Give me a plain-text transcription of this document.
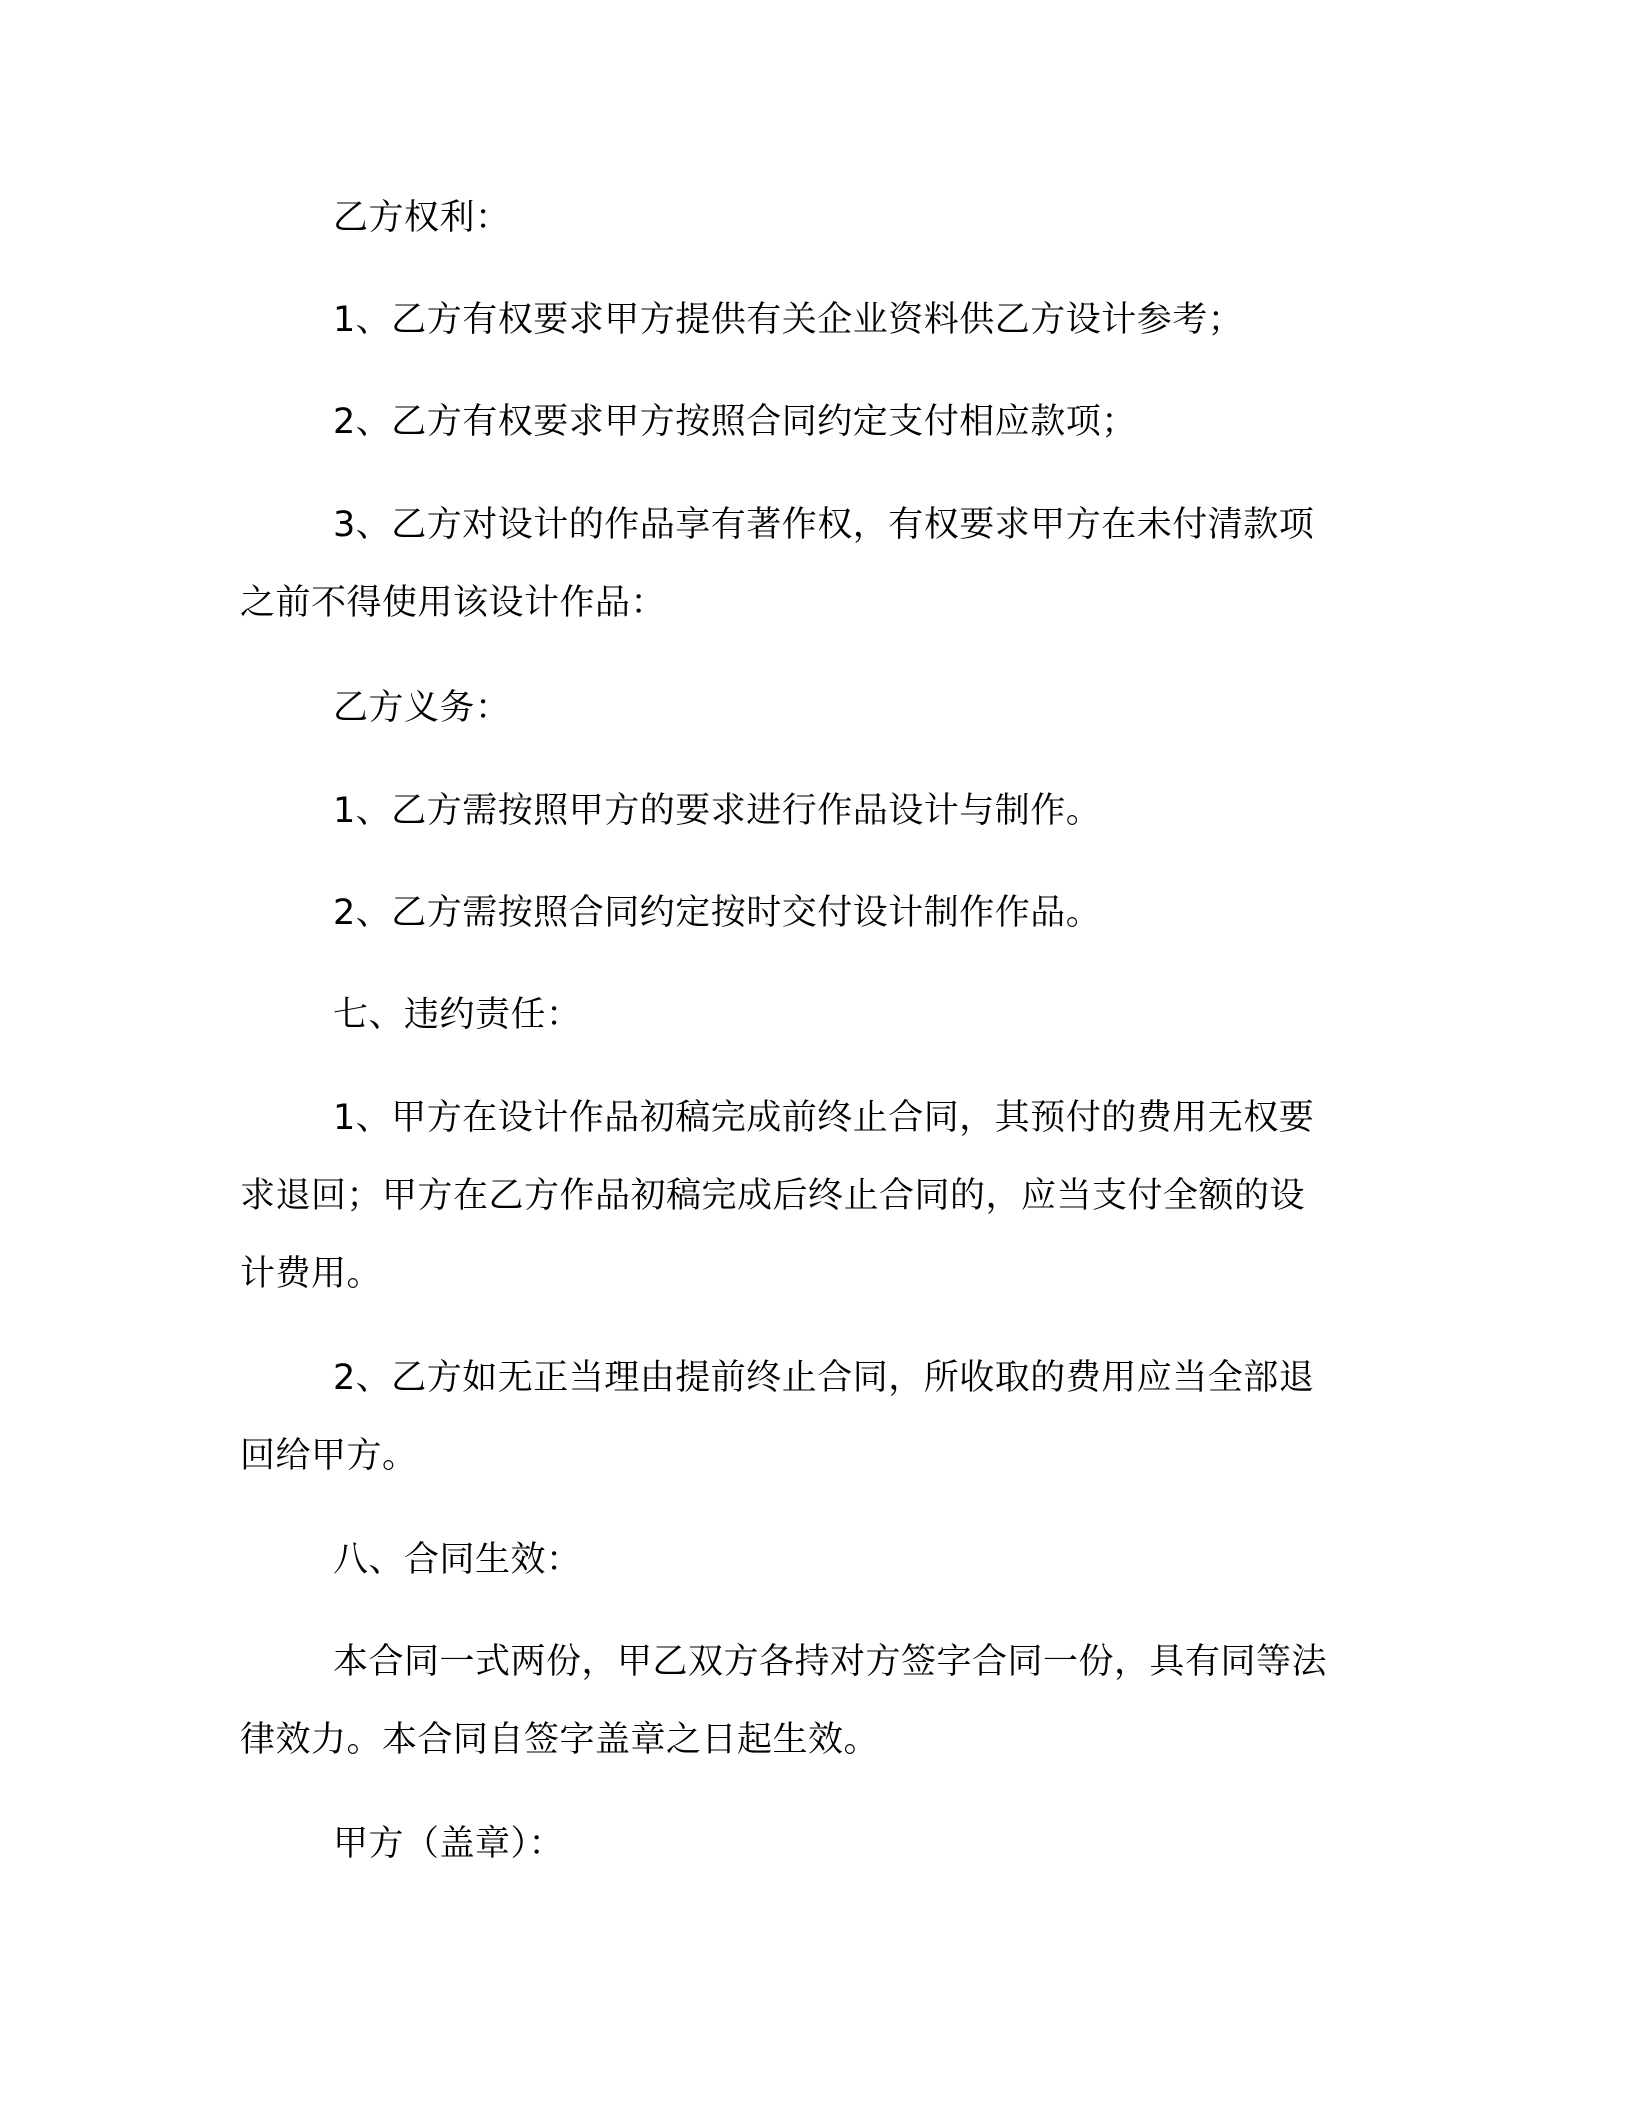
乙方权利：
1、乙方有权要求甲方提供有关企业资料供乙方设计参考；
2、乙方有权要求甲方按照合同约定支付相应款项；
3、乙方对设计的作品享有著作权，有权要求甲方在未付清款项
之前不得使用该设计作品：
乙方义务：
1、乙方需按照甲方的要求进行作品设计与制作。
2、乙方需按照合同约定按时交付设计制作作品。
七、违约责任：
1、甲方在设计作品初稿完成前终止合同，其预付的费用无权要
求退回；甲方在乙方作品初稿完成后终止合同的，应当支付全额的设
计费用。
2、乙方如无正当理由提前终止合同，所收取的费用应当全部退
回给甲方。
八、合同生效：
本合同一式两份，甲乙双方各持对方签字合同一份，具有同等法
律效力。本合同自签字盖章之日起生效。
甲方（盖章）：
